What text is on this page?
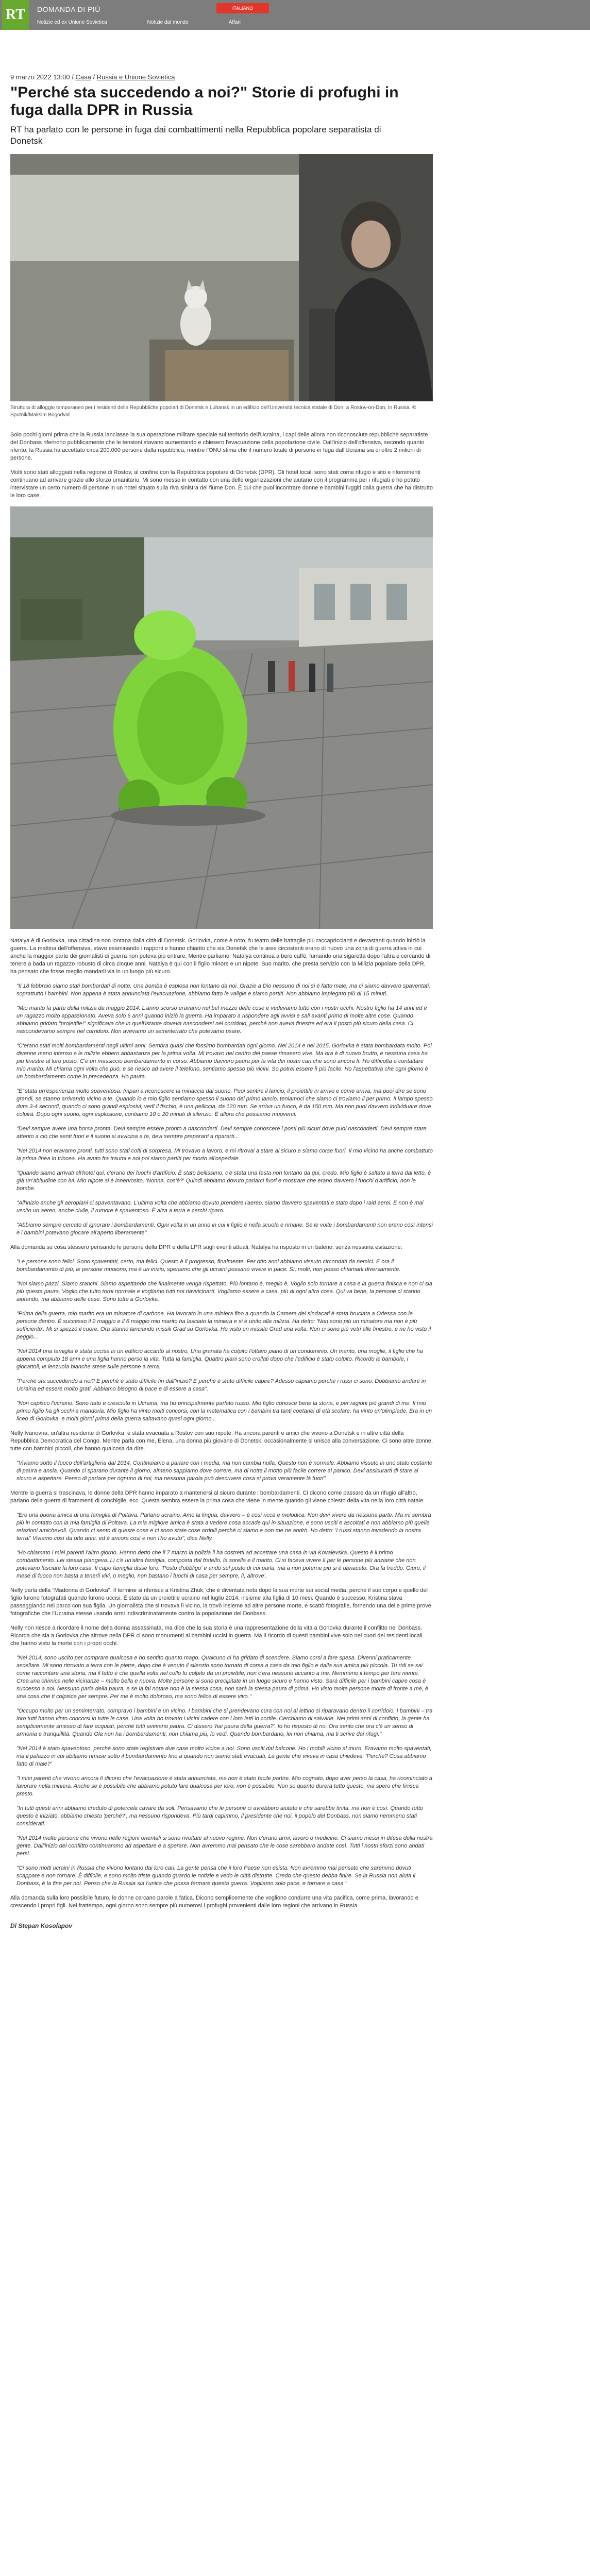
RT	DOMANDA DI PIÙ	ITALIANO
Notizie ed ex Unione Sovietica	Notizie dal mondo	Affari
9 marzo 2022 13:00 / Casa / Russia e Unione Sovietica
"Perché sta succedendo a noi?" Storie di profughi in fuga dalla DPR in Russia

RT ha parlato con le persone in fuga dai combattimenti nella Repubblica popolare separatista di Donetsk

Struttura di alloggio temporaneo per i residenti delle Repubbliche popolari di Donetsk e Luhansk in un edificio dell'Università tecnica statale di Don, a Rostov-on-Don, In Russia. © Sputnik/Maksim Bogodvid

Solo pochi giorni prima che la Russia lanciasse la sua operazione militare speciale sul territorio dell'Ucraina, i capi delle allora non riconosciute repubbliche separatiste del Donbass riferirono pubblicamente che le tensioni stavano aumentando e chiesero l'evacuazione della popolazione civile. Dall'inizio dell'offensiva, secondo quanto riferito, la Russia ha accettato circa 200.000 persone dalla repubblica, mentre l'ONU stima che il numero totale di persone in fuga dall'Ucraina sia di oltre 2 milioni di persone.

Molti sono stati alloggiati nella regione di Rostov, al confine con la Repubblica popolare di Donetsk (DPR). Gli hotel locali sono stati come rifugio e sito e rifornimenti continuano ad arrivare grazie allo sforzo umanitario. Mi sono messo in contatto con una delle organizzazioni che aiutano con il programma per i rifugiati e ho potuto intervistare un certo numero di persone in un hotel situato sulla riva sinistra del fiume Don. È qui che puoi incontrare donne e bambini fuggiti dalla guerra che ha distrutto le loro case.

Natalya è di Gorlovka, una cittadina non lontana dalla città di Donetsk. Gorlovka, come è noto, fu teatro delle battaglie più raccapriccianti e devastanti quando iniziò la guerra. La mattina dell'offensiva, stavo esaminando i rapporti e hanno chiarito che sia Donetsk che le aree circostanti erano di nuovo una zona di guerra attiva in cui anche la maggior parte dei giornalisti di guerra non poteva più entrare. Mentre parliamo, Natalya continua a bere caffè, fumando una sigaretta dopo l'altra e cercando di tenere a bada un ragazzo robusto di circa cinque anni. Natalya è qui con il figlio minore e un nipote. Suo marito, che presta servizio con la Milizia popolare della DPR, ha pensato che fosse meglio mandarli via in un luogo più sicuro.

"Il 18 febbraio siamo stati bombardati di notte. Una bomba è esplosa non lontano da noi. Grazie a Dio nessuno di noi si è fatto male, ma ci siamo davvero spaventati, soprattutto i bambini. Non appena è stata annunciata l'evacuazione, abbiamo fatto le valigie e siamo partiti. Non abbiamo impiegato più di 15 minuti.

"Mio marito fa parte della milizia da maggio 2014. L'anno scorso eravamo nel bel mezzo delle cose e vedevamo tutto con i nostri occhi. Nostro figlio ha 14 anni ed è un ragazzo molto appassionato. Aveva solo 6 anni quando iniziò la guerra. Ha imparato a rispondere agli avvisi e sali avanti primo di molte altre cose. Quando abbiamo gridato "proiettile!" significava che in quell'istante doveva nascondersi nel corridoio, perché non aveva finestre ed era il posto più sicuro della casa. Ci nascondevamo sempre nel corridoio. Non avevamo un seminterrato che potevamo usare.

"C'erano stati molti bombardamenti negli ultimi anni. Sembra quasi che fossimo bombardati ogni giorno. Nel 2014 e nel 2015, Gorlovka è stata bombardata molto. Poi divenne meno intenso e le milizie ebbero abbastanza per la prima volta. Mi trovavo nel centro del paese rimasero vive. Ma ora è di nuovo brutto, e nessuna casa ha più finestre al loro posto. C'è un massiccio bombardamento in corso. Abbiamo davvero paura per la vita dei nostri cari che sono ancora lì. Ho difficoltà a contattare mio marito. Mi chiama ogni volta che può, e se riesco ad avere il telefono, sentiamo spesso più vicini. So potrei essere lì più facile. Ho l'aspettativa che ogni giorno è un bombardamento come in precedenza. Ho paura.

"E' stata un'esperienza molto spaventosa. Impari a riconoscere la minaccia dal suono. Puoi sentire il lancio, il proiettile in arrivo e come arriva, ma puoi dire se sono grandi, se stanno arrivando vicino a te. Quando io e mio figlio sentiamo spesso il suono del primo lancio, teniamoci che siamo ci troviamo il per primo. Il lampo spesso dura 3-4 secondi, quando ci sono grandi esplosivi, vedi il fischio, è una pelliccia, da 120 mm. Se arriva un fuoco, è da 150 mm. Ma non puoi davvero individuare dove colpirà. Dopo ogni suono, ogni esplosione, contiamo 10 o 20 minuti di silenzio. È allora che possiamo muoverci.

"Devi sempre avere una borsa pronta. Devi sempre essere pronto a nasconderti. Devi sempre conoscere i posti più sicuri dove puoi nasconderti. Devi sempre stare attento a ciò che senti fuori e il suono si avvicina a te, devi sempre prepararti a ripararti...

"Nel 2014 non eravamo pronti, tutti sono stati colti di sorpresa. Mi trovavo a lavoro, e mi ritrovai a stare al sicuro e siamo corse fuori. Il mio vicino ha anche combattuto la prima linea in trincea. Ha avuto fra traumi e noi poi siamo partiti per morto all'ospedale.

"Quando siamo arrivati all'hotel qui, c'erano dei fuochi d'artificio. È stato bellissimo, c'è stata una festa non lontano da qui, credo. Mio figlio è saltato a terra dal letto, è già un'abitudine con lui. Mio nipote si è innervosito, 'Nonna, cos'è?' Quindi abbiamo dovuto parlarci fuori e mostrare che erano davvero i fuochi d'artificio, non le bombe.

"All'inizio anche gli aeroplani ci spaventavano. L'ultima volta che abbiamo dovuto prendere l'aereo, siamo davvero spaventati e stato dopo i raid aerei. E non è mai uscito un aereo, anche civile, il rumore è spaventoso. È alza a terra e cerchi riparo.

"Abbiamo sempre cercato di ignorare i bombardamenti. Ogni volta in un anno in cui il figlio è nella scuola e rimane. Se le volte i bombardamenti non erano così intensi e i bambini potevano giocare all'aperto liberamente".

Alla domanda su cosa stessero pensando le persone della DPR e della LPR sugli eventi attuali, Natalya ha risposto in un baleno, senza nessuna esitazione:

"Le persone sono felici. Sono spaventati, certo, ma felici. Questo è il progresso, finalmente. Per otto anni abbiamo vissuto circondati da nemici. E ora il bombardamento di più, le persone muoiono, ma è un inizio, speriamo che gli ucraini possano vivere in pace. Sì, molti, non posso chiamarli diversamente.

"Noi siamo pazzi. Siamo stanchi. Siamo aspettando che finalmente venga rispettato. Più lontano è, meglio è. Voglio solo tornare a casa e la guerra finisca e non ci sia più questa paura. Voglio che tutto torni normale e vogliamo tutti noi riavvicinarti. Vogliamo essere a casa, più di ogni altra cosa. Qui va bene, la persone ci stanno aiutando, ma abbiamo delle case. Sono tutte a Gorlovka.

"Prima della guerra, mio marito era un minatore di carbone. Ha lavorato in una miniera fino a quando la Camera dei sindacati è stata bruciata a Odessa con le persone dentro. È successo il 2 maggio e il 6 maggio mio marito ha lasciato la miniera e si è unito alla milizia. Ha detto: 'Non sono più un minatore ma non è più sufficiente'. Mi si spezzò il cuore. Ora stanno lanciando missili Grad su Gorlovka. Ho visto un missile Grad una volta. Non ci sono più vetri alle finestre, e ne ho visto il peggio...

"Nel 2014 una famiglia è stata uccisa in un edificio accanto al nostro. Una granata ha colpito l'ottavo piano di un condominio. Un marito, una moglie, il figlio che ha appena compiuto 18 anni e una figlia hanno perso la vita. Tutta la famiglia. Quattro piani sono crollati dopo che l'edificio è stato colpito. Ricordo le bambole, i giocattoli, le lenzuola bianche stese sulle persone a terra.

"Perché sta succedendo a noi? E perché è stato difficile fin dall'inizio? E perché è stato difficile capire? Adesso capiamo perché i russi ci sono. Dobbiamo andare in Ucraina ed essere molto grati. Abbiamo bisogno di pace e di essere a casa".

"Non capisco l'ucraino. Sono nato e cresciuto in Ucraina, ma ho principalmente parlato russo. Mio figlio conosce bene la storia, e per ragioni più grandi di me. Il mio primo figlio ha gli occhi a mandorla. Mio figlio ha vinto molti concorsi, con la matematica con i bambini tra tanti coetanei di età scolare, ha vinto un'olimpiade. Era in un liceo di Gorlovka, e molti giorni prima della guerra saltavano quasi ogni giorno...

Nelly Ivanovna, un'altra residente di Gorlovka, è stata evacuata a Rostov con suo nipote. Ha ancora parenti e amici che vivono a Donetsk e in altre città della Repubblica Democratica del Congo. Mentre parla con me, Elena, una donna più giovane di Donetsk, occasionalmente si unisce alla conversazione. Ci sono altre donne, tutte con bambini piccoli, che hanno qualcosa da dire.

"Viviamo sotto il fuoco dell'artiglieria dal 2014. Continuiamo a parlare con i media, ma non cambia nulla. Questo non è normale. Abbiamo vissuto in uno stato costante di paura e ansia. Quando ci sparano durante il giorno, almeno sappiamo dove correre, ma di notte il motto più facile correre al panico. Devi assicurarti di stare al sicuro e aspettare. Penso di parlare per ognuno di noi, ma nessuna parola può descrivere cosa si prova veramente là fuori".

Mentre la guerra si trascinava, le donne della DPR hanno imparato a mantenersi al sicuro durante i bombardamenti. Ci dicono come passare da un rifugio all'altro, parlano della guerra di frammenti di conchiglie, ecc. Questa sembra essere la prima cosa che viene in mente quando gli viene chiesto della vita nella loro città natale.

"Ero una buona amica di una famiglia di Poltava. Parlano ucraino. Amo la lingua, davvero – è così ricca e melodica. Non devi vivere da nessuna parte. Ma mi sembra più in contatto con la mia famiglia di Poltava. La mia migliore amica è stata a vedere cosa accade qui in situazione, e sono usciti e ascoltati e non abbiamo più quelle relazioni amichevoli. Quando ci sento di queste cose e ci sono state cose orribili perché ci siamo e non me ne andrò. Ho detto: 'I russi stanno invadendo la nostra terra!' Viviamo così da otto anni, ed è ancora così e non l'ho avuto", dice Nelly.

"Ho chiamato i miei parenti l'altro giorno. Hanno detto che il 7 marzo la polizia li ha costretti ad accettare una casa in via Kovalevska. Questo è il primo combattimento. Lei stessa piangeva. Lì c'è un'altra famiglia, composta dal fratello, la sorella e il marito. Ci si faceva vivere lì per le persone più anziane che non potevano lasciare la loro casa. Il capo famiglia disse loro: 'Posto d'obbligo' e andò sul posto di cui parla, ma a non poterne più si è ubriacato. Ora fa freddo. Giuro, il mese di fuoco non basta a tenerli vivi, o meglio, non bastano i fuochi di casa per sempre, lì, altrove'.

Nelly parla della "Madonna di Gorlovka". Il termine si riferisce a Kristina Zhuk, che è diventata nota dopo la sua morte sui social media, perché il suo corpo e quello del figlio furono fotografati quando furono uccisi. È stato da un proiettile ucraino nel luglio 2014, insieme alla figlia di 10 mesi. Quando è successo, Kristina stava passeggiando nel parco con sua figlia. Un giornalista che si trovava lì vicino, la trovò insieme ad altre persone morte, e scattò fotografie, fornendo una delle prime prove fotografiche che l'Ucraina stesse usando armi indiscriminatamente contro la popolazione del Donbass.

Nelly non riesce a ricordare il nome della donna assassinata, ma dice che la sua storia è una rappresentazione della vita a Gorlovka durante il conflitto nel Donbass. Ricorda che sia a Gorlovka che altrove nella DPR ci sono monumenti ai bambini uccisi in guerra. Ma il ricordo di questi bambini vive solo nei cuori dei residenti locali che hanno visto la morte con i propri occhi.

"Nel 2014, sono uscito per comprare qualcosa e ho sentito quanto mago. Qualcuno ci ha gridato di scendere. Siamo corsi a fare spesa. Divenni praticamente ascellare. Mi sono ritrovato a terra con le pietre, dopo che è venuto il silenzio sono tornato di corsa a casa da mio figlio e dalla sua amica più piccola. Tu ridi se sai come raccontare una storia, ma il fatto è che quella volta nel collo fu colpito da un proiettile, non c'era nessuno accanto a me. Nemmeno il tempo per fare niente. Crea una chimica nelle vicinanze – molto bella e nuova. Molte persone si sono precipitate in un luogo sicuro e hanno visto. Sarà difficile per i bambini capire cosa è successo a noi. Nessuno parla della paura, e se la fai notare non è la stessa cosa, non sarà la stessa paura di prima. Ho visto molte persone morte di fronte a me, è una cosa che ti colpisce per sempre. Per me è molto doloroso, ma sono felice di essere vivo."

"Occupo molto per un seminterrato, compravo i bambini e un vicino. I bambini che si prendevano cura con noi al lettino si riparavano dentro il corridoio. I bambini – tra loro tutti hanno vinto concorsi in tutte le case. Una volta ho trovato i vicini cadere con i loro letti in cortile. Cerchiamo di salvarle. Nei primi anni di conflitto, la gente ha semplicemente smesso di fare acquisti, perché tutti avevano paura. Ci dissero 'hai paura della guerra?'. Io ho risposto di no. Ora sento che ora c'è un senso di armonia e tranquillità. Quando Ola non ha i bombardamenti, non chiama più, lo vedi. Quando bombardano, lei non chiama, ma ti scrive dai rifugi."

"Nel 2014 è stato spaventoso, perché sono state registrate due case molto vicine a noi. Sono usciti dal balcone. Ho i mobili vicino al muro. Eravamo molto spaventati, ma il palazzo in cui abitiamo rimase sotto il bombardamento fino a quando non siamo stati evacuati. La gente che viveva in casa chiedeva: 'Perché? Cosa abbiamo fatto di male?'

"I miei parenti che vivono ancora lì dicono che l'evacuazione è stata annunciata, ma non è stato facile partire. Mio cognato, dopo aver perso la casa, ha ricominciato a lavorare nella miniera. Anche se è possibile che abbiamo potuto fare qualcosa per loro, non è possibile. Non so quanto durerà tutto questo, ma spero che finisca presto.

"In tutti questi anni abbiamo creduto di potercela cavare da soli. Pensavamo che le persone ci avrebbero aiutato e che sarebbe finita, ma non è così. Quando tutto questo è iniziato, abbiamo chiesto 'perché?', ma nessuno rispondeva. Più tardi capimmo, il presidente che noi, il popolo del Donbass, non siamo nemmeno stati considerati.

"Nel 2014 molte persone che vivono nelle regioni orientali si sono rivoltate al nuovo regime. Non c'erano armi, lavoro o medicine. Ci siamo messi in difesa della nostra gente. Dall'inizio del conflitto continuammo ad aspettare e a sperare. Non avremmo mai pensato che le cose sarebbero andate così. Tutti i nostri sforzi sono andati persi.

"Ci sono molti ucraini in Russia che vivono lontano dai loro cari. La gente pensa che il loro Paese non esista. Non avremmo mai pensato che saremmo dovuti scappare e non tornare. È difficile, e sono molto triste quando guardo le notizie e vedo le città distrutte. Credo che questo debba finire. Se la Russia non aiuta il Donbass, è la fine per noi. Penso che la Russia sia l'unica che possa fermare questa guerra. Vogliamo solo pace, e tornare a casa."

Alla domanda sulla loro possibile futuro, le donne cercano parole a fatica. Dicono semplicemente che vogliono condurre una vita pacifica, come prima, lavorando e crescendo i propri figli. Nel frattempo, ogni giorno sono sempre più numerosi i profughi provenienti dalle loro regioni che arrivano in Russia.

Di Stepan Kosolapov
